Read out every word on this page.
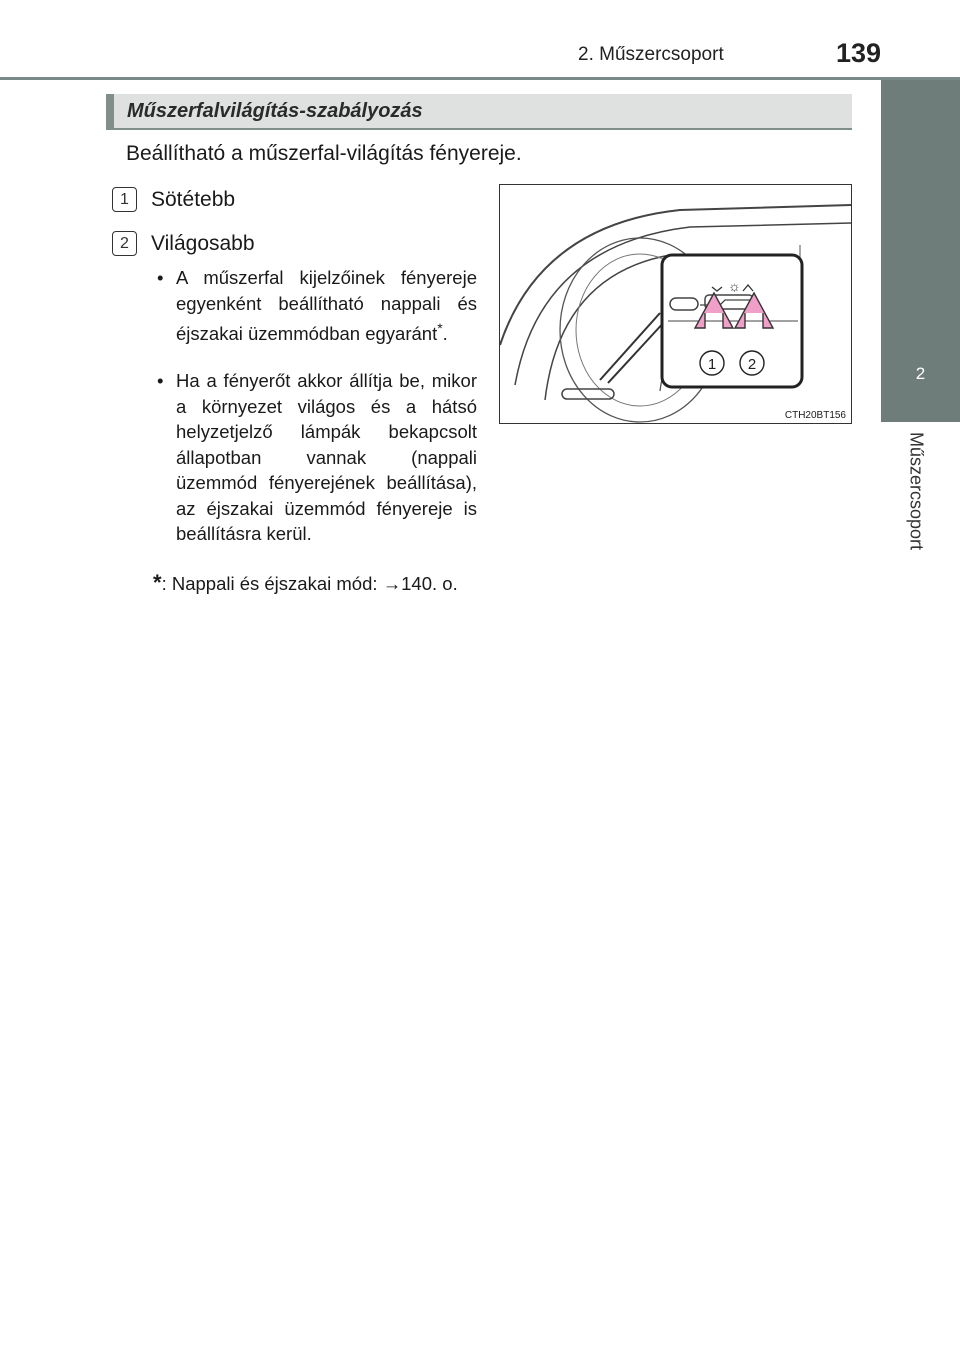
2. Műszercsoport	139
2
Műszercsoport
Műszerfalvilágítás-szabályozás
Beállítható a műszerfal-világítás fényereje.
1	Sötétebb
2	Világosabb
• A műszerfal kijelzőinek fényereje egyenként beállítható nappali és éjszakai üzemmódban egyaránt*.
• Ha a fényerőt akkor állítja be, mikor a környezet világos és a hátsó helyzetjelző lámpák bekapcsolt állapotban vannak (nappali üzemmód fényerejének beállítása), az éjszakai üzemmód fényereje is beállításra kerül.
*: Nappali és éjszakai mód: →140. o.
☼
1 2
CTH20BT156
